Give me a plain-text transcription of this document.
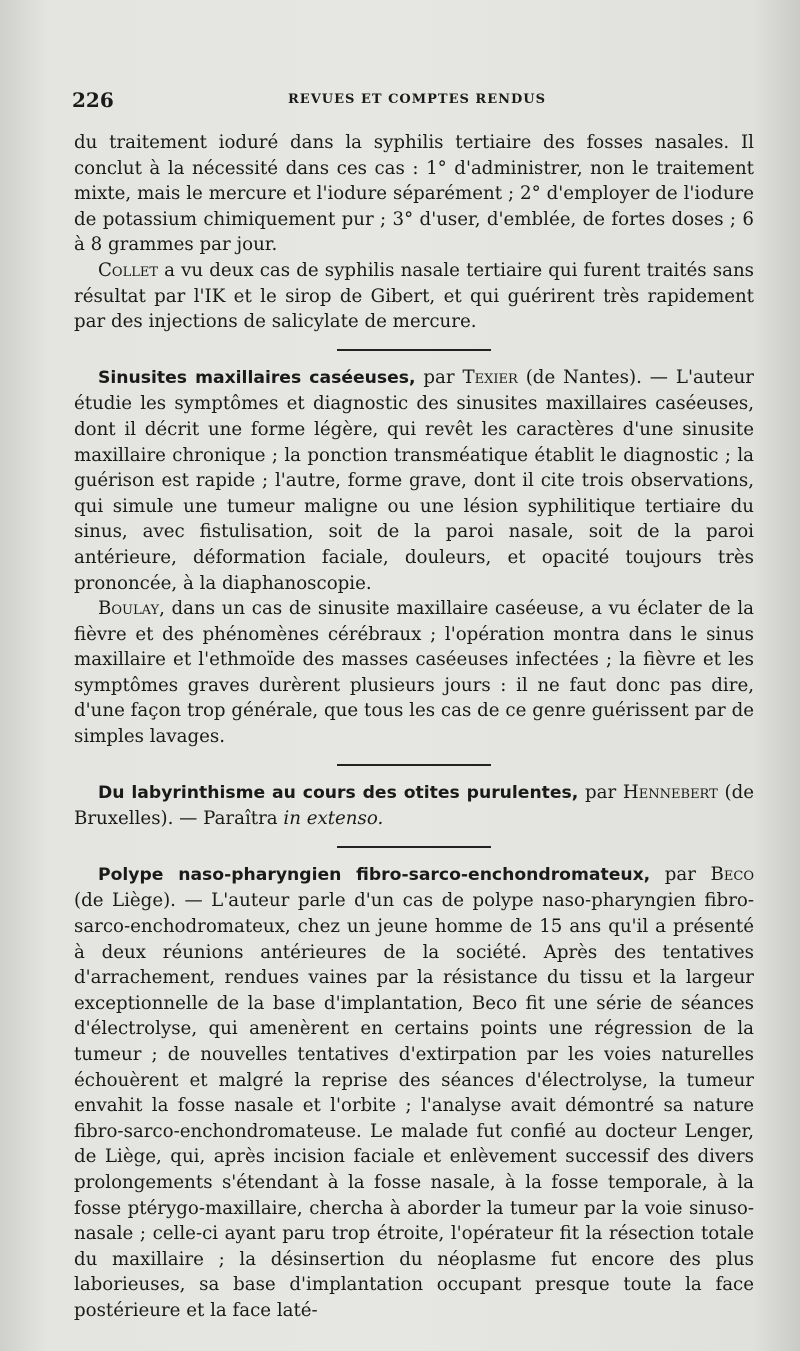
226	REVUES ET COMPTES RENDUS

du traitement ioduré dans la syphilis tertiaire des fosses nasales. Il conclut à la nécessité dans ces cas : 1° d'administrer, non le traitement mixte, mais le mercure et l'iodure séparément ; 2° d'employer de l'iodure de potassium chimiquement pur ; 3° d'user, d'emblée, de fortes doses ; 6 à 8 grammes par jour.

Collet a vu deux cas de syphilis nasale tertiaire qui furent traités sans résultat par l'IK et le sirop de Gibert, et qui guérirent très rapidement par des injections de salicylate de mercure.

Sinusites maxillaires caséeuses, par Texier (de Nantes). — L'auteur étudie les symptômes et diagnostic des sinusites maxillaires caséeuses, dont il décrit une forme légère, qui revêt les caractères d'une sinusite maxillaire chronique ; la ponction transméatique établit le diagnostic ; la guérison est rapide ; l'autre, forme grave, dont il cite trois observations, qui simule une tumeur maligne ou une lésion syphilitique tertiaire du sinus, avec fistulisation, soit de la paroi nasale, soit de la paroi antérieure, déformation faciale, douleurs, et opacité toujours très prononcée, à la diaphanoscopie.

Boulay, dans un cas de sinusite maxillaire caséeuse, a vu éclater de la fièvre et des phénomènes cérébraux ; l'opération montra dans le sinus maxillaire et l'ethmoïde des masses caséeuses infectées ; la fièvre et les symptômes graves durèrent plusieurs jours : il ne faut donc pas dire, d'une façon trop générale, que tous les cas de ce genre guérissent par de simples lavages.

Du labyrinthisme au cours des otites purulentes, par Hennebert (de Bruxelles). — Paraîtra in extenso.

Polype naso-pharyngien fibro-sarco-enchondromateux, par Beco (de Liège). — L'auteur parle d'un cas de polype naso-pharyngien fibro-sarco-enchodromateux, chez un jeune homme de 15 ans qu'il a présenté à deux réunions antérieures de la société. Après des tentatives d'arrachement, rendues vaines par la résistance du tissu et la largeur exceptionnelle de la base d'implantation, Beco fit une série de séances d'électrolyse, qui amenèrent en certains points une régression de la tumeur ; de nouvelles tentatives d'extirpation par les voies naturelles échouèrent et malgré la reprise des séances d'électrolyse, la tumeur envahit la fosse nasale et l'orbite ; l'analyse avait démontré sa nature fibro-sarco-enchondromateuse. Le malade fut confié au docteur Lenger, de Liège, qui, après incision faciale et enlèvement successif des divers prolongements s'étendant à la fosse nasale, à la fosse temporale, à la fosse ptérygo-maxillaire, chercha à aborder la tumeur par la voie sinuso-nasale ; celle-ci ayant paru trop étroite, l'opérateur fit la résection totale du maxillaire ; la désinsertion du néoplasme fut encore des plus laborieuses, sa base d'implantation occupant presque toute la face postérieure et la face laté-
